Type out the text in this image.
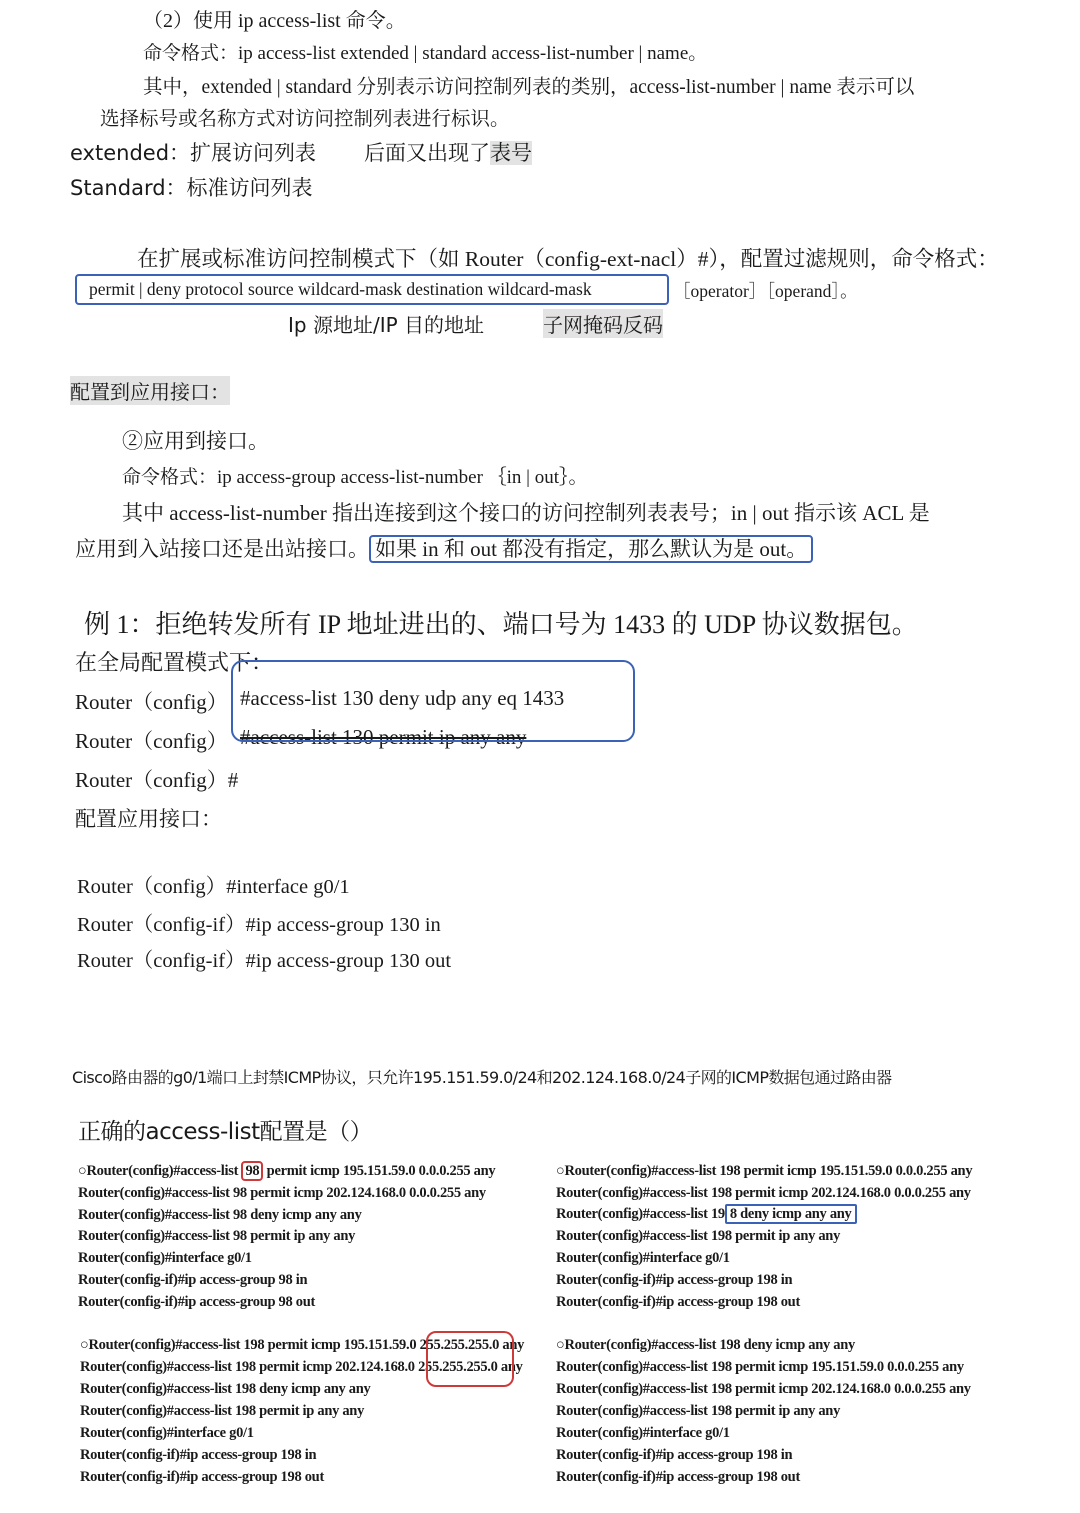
（2）使用 ip access-list 命令。
命令格式：ip access-list extended | standard access-list-number | name。
其中，extended | standard 分别表示访问控制列表的类别，access-list-number | name 表示可以
选择标号或名称方式对访问控制列表进行标识。
extended：扩展访问列表 后面又出现了表号
Standard：标准访问列表
在扩展或标准访问控制模式下（如 Router（config-ext-nacl）#），配置过滤规则，命令格式：
permit | deny protocol source wildcard-mask destination wildcard-mask	［operator］［operand］。
Ip 源地址/IP 目的地址	子网掩码反码
配置到应用接口：
②应用到接口。
命令格式：ip access-group access-list-number ｛in | out｝。
其中 access-list-number 指出连接到这个接口的访问控制列表表号；in | out 指示该 ACL 是
应用到入站接口还是出站接口。 如果 in 和 out 都没有指定，那么默认为是 out。
例 1：拒绝转发所有 IP 地址进出的、端口号为 1433 的 UDP 协议数据包。
在全局配置模式下：
Router（config） #access-list 130 deny udp any eq 1433
Router（config） #access-list 130 permit ip any any
Router（config）#
配置应用接口：
Router（config）#interface g0/1
Router（config-if）#ip access-group 130 in
Router（config-if）#ip access-group 130 out
Cisco路由器的g0/1端口上封禁ICMP协议，只允许195.151.59.0/24和202.124.168.0/24子网的ICMP数据包通过路由器
正确的access-list配置是（）
○Router(config)#access-list 98 permit icmp 195.151.59.0 0.0.0.255 any
Router(config)#access-list 98 permit icmp 202.124.168.0 0.0.0.255 any
Router(config)#access-list 98 deny icmp any any
Router(config)#access-list 98 permit ip any any
Router(config)#interface g0/1
Router(config-if)#ip access-group 98 in
Router(config-if)#ip access-group 98 out
○Router(config)#access-list 198 permit icmp 195.151.59.0 0.0.0.255 any
Router(config)#access-list 198 permit icmp 202.124.168.0 0.0.0.255 any
Router(config)#access-list 19 8 deny icmp any any
Router(config)#access-list 198 permit ip any any
Router(config)#interface g0/1
Router(config-if)#ip access-group 198 in
Router(config-if)#ip access-group 198 out
○Router(config)#access-list 198 permit icmp 195.151.59.0 255.255.255.0 any
Router(config)#access-list 198 permit icmp 202.124.168.0 255.255.255.0 any
Router(config)#access-list 198 deny icmp any any
Router(config)#access-list 198 permit ip any any
Router(config)#interface g0/1
Router(config-if)#ip access-group 198 in
Router(config-if)#ip access-group 198 out
○Router(config)#access-list 198 deny icmp any any
Router(config)#access-list 198 permit icmp 195.151.59.0 0.0.0.255 any
Router(config)#access-list 198 permit icmp 202.124.168.0 0.0.0.255 any
Router(config)#access-list 198 permit ip any any
Router(config)#interface g0/1
Router(config-if)#ip access-group 198 in
Router(config-if)#ip access-group 198 out
